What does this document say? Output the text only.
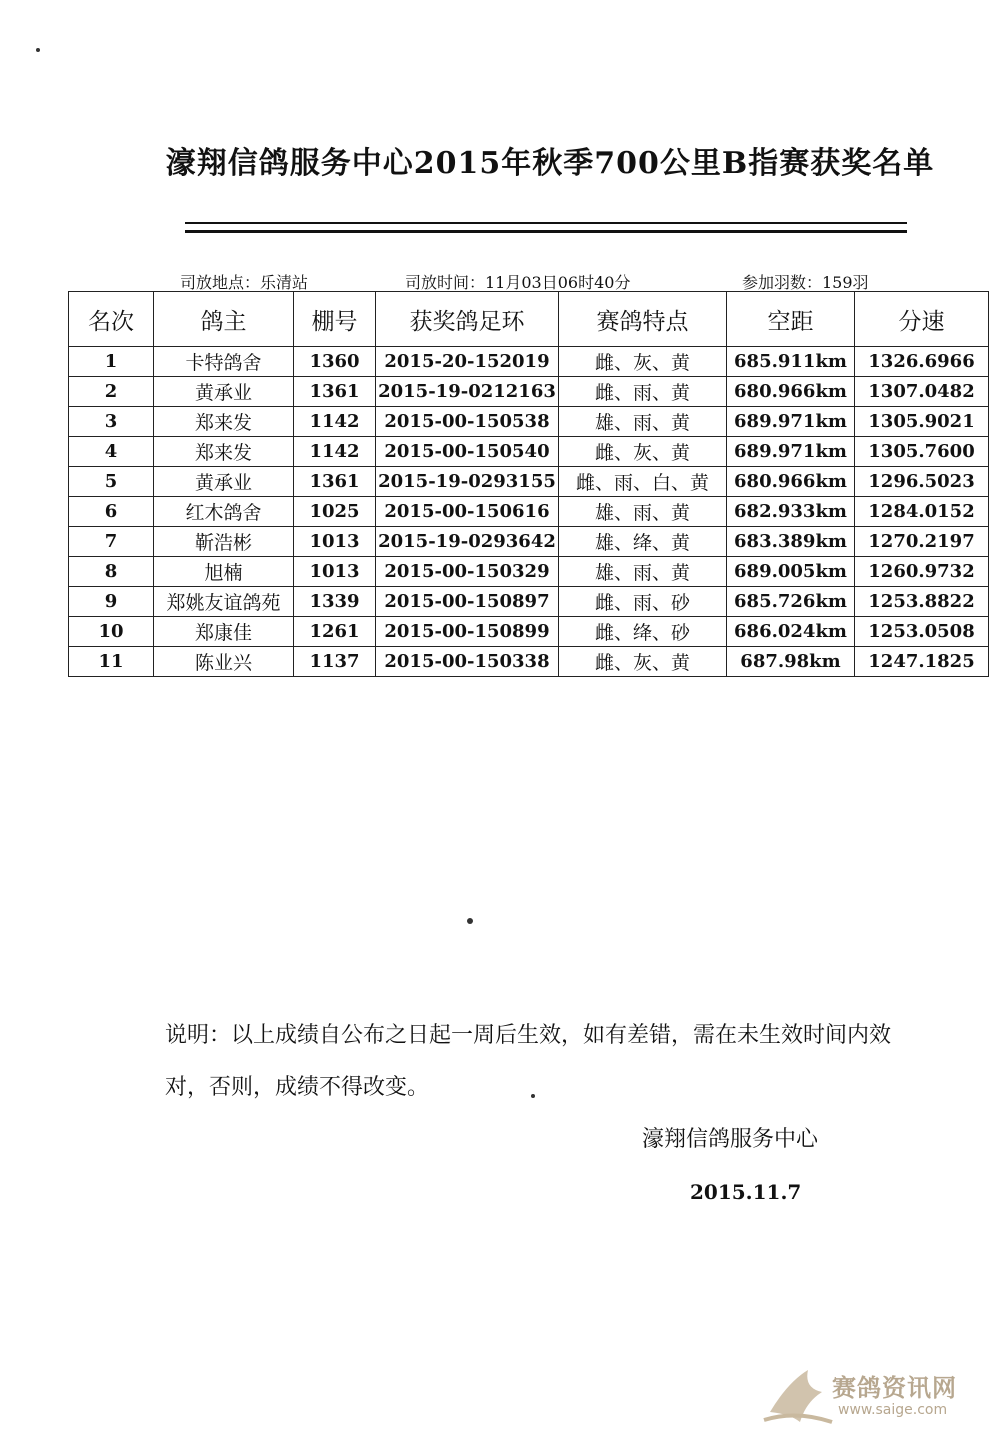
濠翔信鸽服务中心2015年秋季700公里B指赛获奖名单
司放地点：乐清站	司放时间：11月03日06时40分	参加羽数：159羽
名次	鸽主	棚号	获奖鸽足环	赛鸽特点	空距	分速
1	卡特鸽舍	1360	2015-20-152019	雌、灰、黄	685.911km	1326.6966
2	黄承业	1361	2015-19-0212163	雌、雨、黄	680.966km	1307.0482
3	郑来发	1142	2015-00-150538	雄、雨、黄	689.971km	1305.9021
4	郑来发	1142	2015-00-150540	雌、灰、黄	689.971km	1305.7600
5	黄承业	1361	2015-19-0293155	雌、雨、白、黄	680.966km	1296.5023
6	红木鸽舍	1025	2015-00-150616	雄、雨、黄	682.933km	1284.0152
7	靳浩彬	1013	2015-19-0293642	雄、绛、黄	683.389km	1270.2197
8	旭楠	1013	2015-00-150329	雄、雨、黄	689.005km	1260.9732
9	郑姚友谊鸽苑	1339	2015-00-150897	雌、雨、砂	685.726km	1253.8822
10	郑康佳	1261	2015-00-150899	雌、绛、砂	686.024km	1253.0508
11	陈业兴	1137	2015-00-150338	雌、灰、黄	687.98km	1247.1825
说明：以上成绩自公布之日起一周后生效，如有差错，需在未生效时间内效对，否则，成绩不得改变。
濠翔信鸽服务中心
2015.11.7
赛鸽资讯网
www.saige.com
